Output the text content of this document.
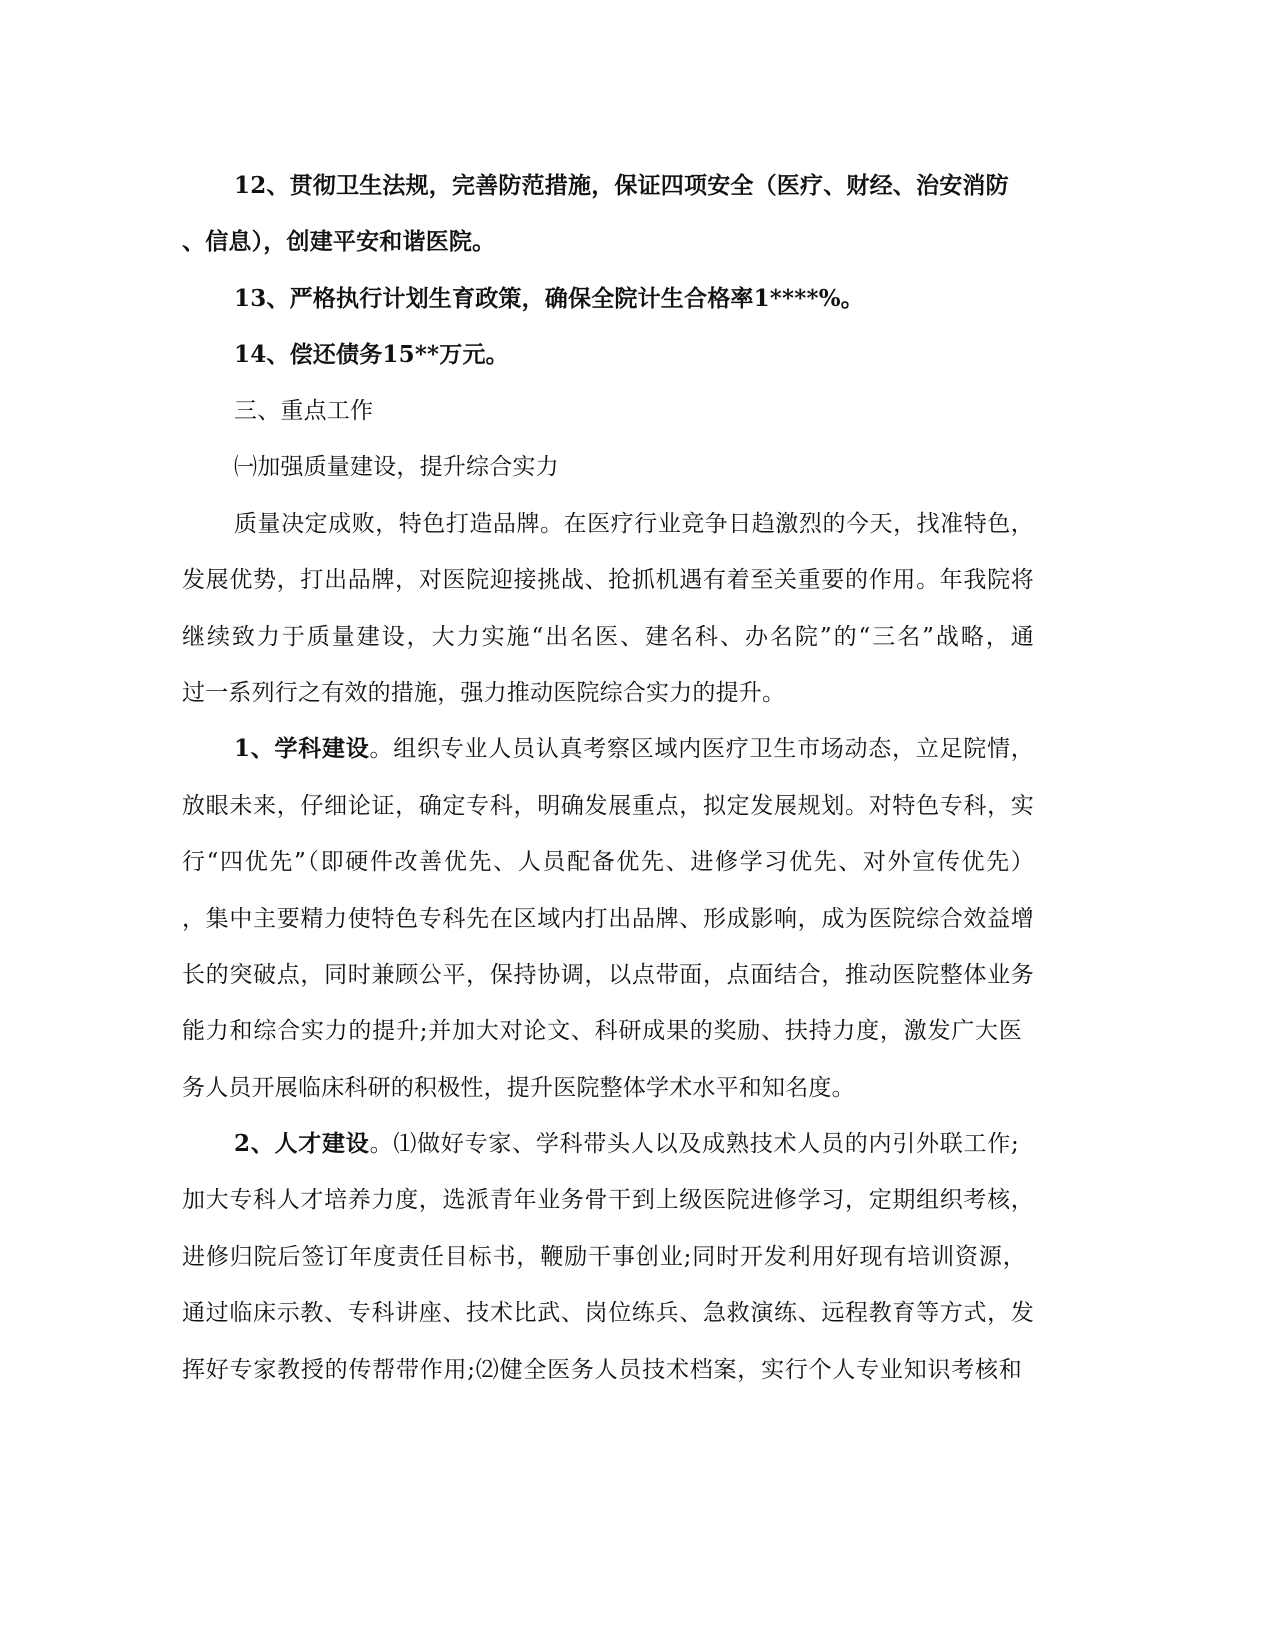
12、贯彻卫生法规，完善防范措施，保证四项安全（医疗、财经、治安消防
、信息），创建平安和谐医院。
13、严格执行计划生育政策，确保全院计生合格率1****%。
14、偿还债务15**万元。
三、重点工作
㈠加强质量建设，提升综合实力
质量决定成败，特色打造品牌。在医疗行业竞争日趋激烈的今天，找准特色，
发展优势，打出品牌，对医院迎接挑战、抢抓机遇有着至关重要的作用。年我院将
继续致力于质量建设，大力实施“出名医、建名科、办名院”的“三名”战略，通
过一系列行之有效的措施，强力推动医院综合实力的提升。
1、学科建设。组织专业人员认真考察区域内医疗卫生市场动态，立足院情，
放眼未来，仔细论证，确定专科，明确发展重点，拟定发展规划。对特色专科，实
行“四优先”（即硬件改善优先、人员配备优先、进修学习优先、对外宣传优先）
，集中主要精力使特色专科先在区域内打出品牌、形成影响，成为医院综合效益增
长的突破点，同时兼顾公平，保持协调，以点带面，点面结合，推动医院整体业务
能力和综合实力的提升;并加大对论文、科研成果的奖励、扶持力度，激发广大医
务人员开展临床科研的积极性，提升医院整体学术水平和知名度。
2、人才建设。⑴做好专家、学科带头人以及成熟技术人员的内引外联工作;
加大专科人才培养力度，选派青年业务骨干到上级医院进修学习，定期组织考核，
进修归院后签订年度责任目标书，鞭励干事创业;同时开发利用好现有培训资源，
通过临床示教、专科讲座、技术比武、岗位练兵、急救演练、远程教育等方式，发
挥好专家教授的传帮带作用;⑵健全医务人员技术档案，实行个人专业知识考核和
